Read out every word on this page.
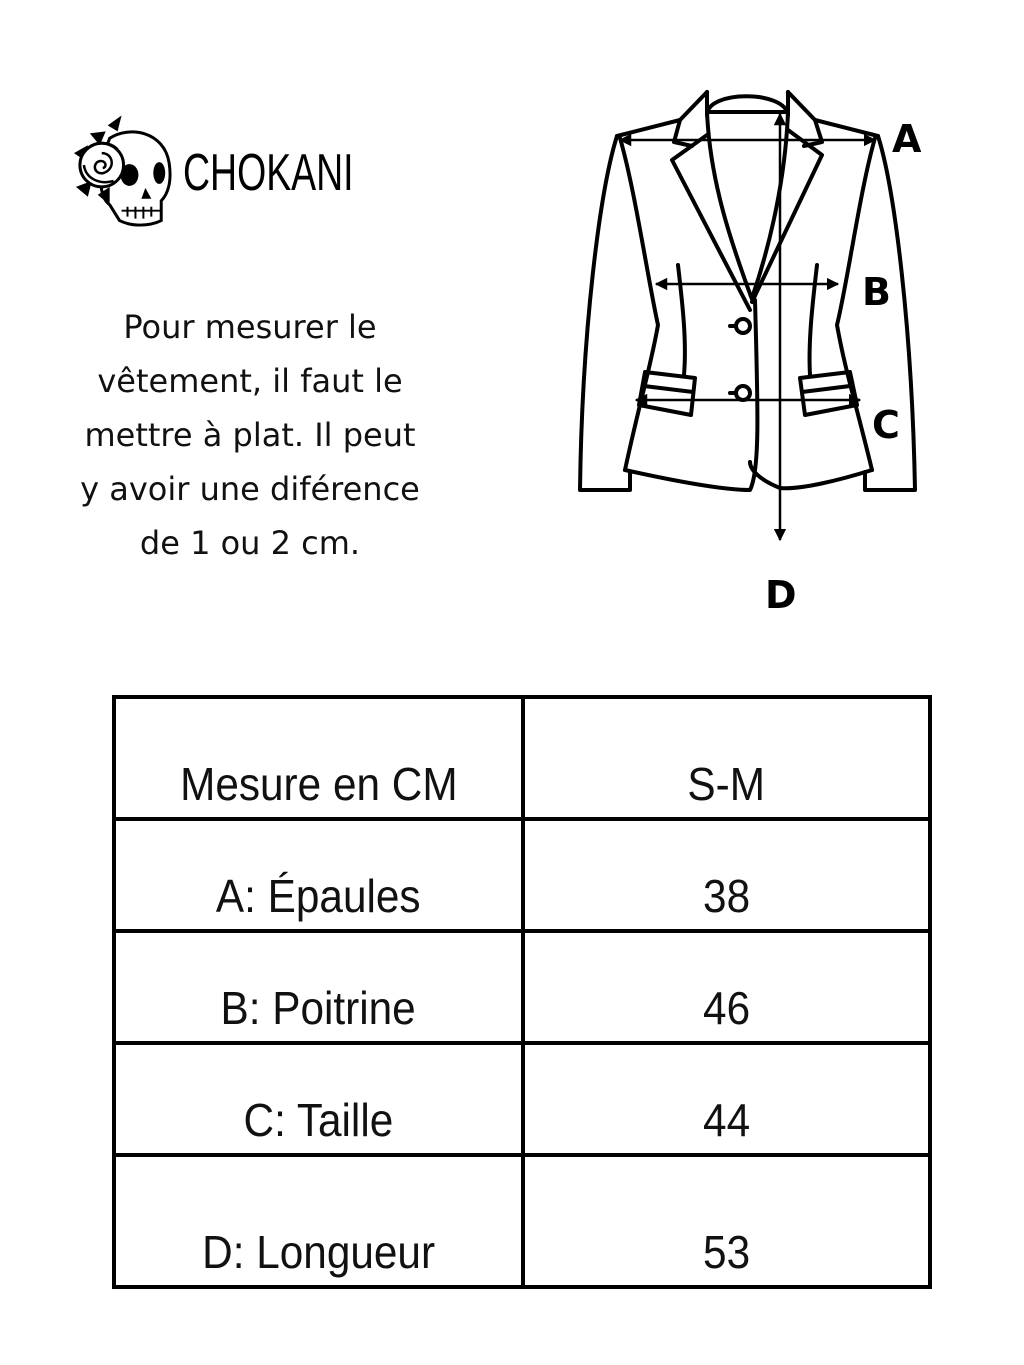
CHOKANI
Pour mesurer le
vêtement, il faut le
mettre à plat. Il peut
y avoir une diférence
de 1 ou 2 cm.
A
B
C
D
Mesure en CM	S-M
A: Épaules	38
B: Poitrine	46
C: Taille	44
D: Longueur	53
